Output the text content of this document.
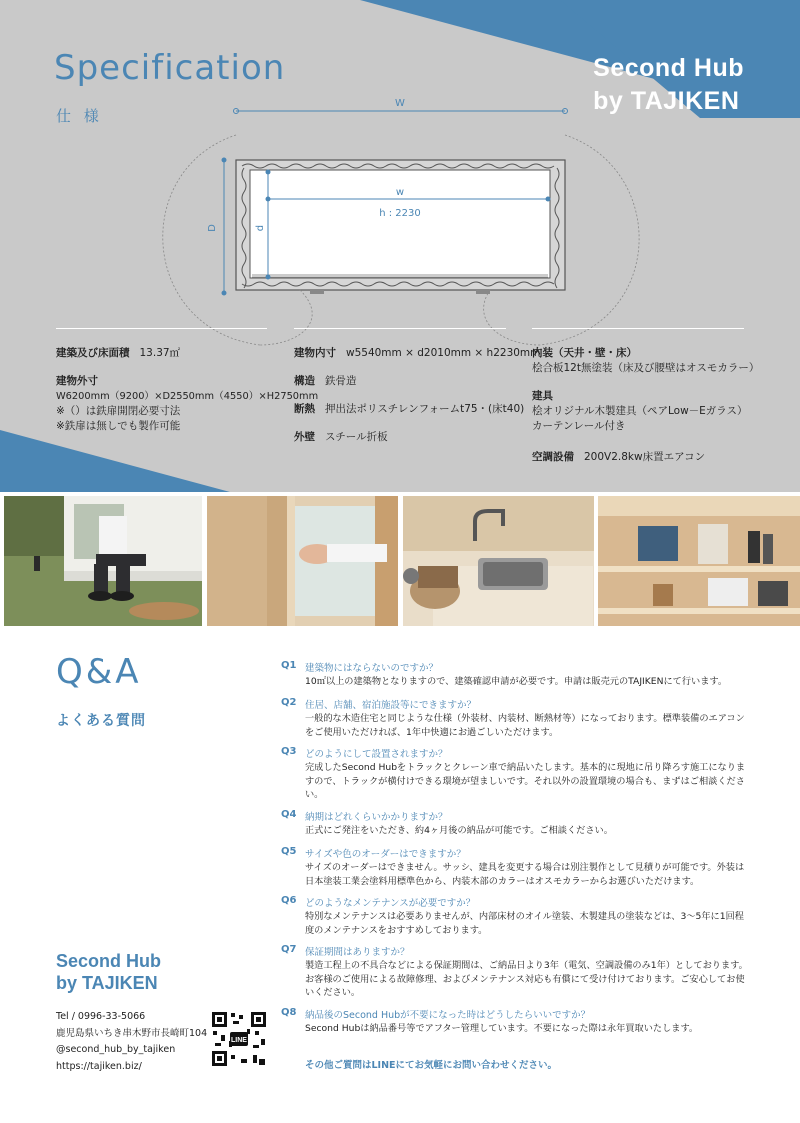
W
w
h : 2230
D	d
Specification
仕 様
Second Hub
by TAJIKEN
建築及び床面積 13.37㎡
建物外寸
W6200mm（9200）×D2550mm（4550）×H2750mm
※（）は鉄扉開閉必要寸法
※鉄扉は無しでも製作可能
建物内寸 w5540mm × d2010mm × h2230mm
構造 鉄骨造
断熱 押出法ポリスチレンフォームt75・(床t40)
外壁 スチール折板
内装（天井・壁・床）
桧合板12t無塗装（床及び腰壁はオスモカラー）
建具
桧オリジナル木製建具（ペアLow－Eガラス）
カーテンレール付き
空調設備 200V2.8kw床置エアコン
Q&A
よくある質問
Q1 建築物にはならないのですか？
10㎡以上の建築物となりますので、建築確認申請が必要です。申請は販売元のTAJIKENにて行います。
Q2 住居、店舗、宿泊施設等にできますか？
一般的な木造住宅と同じような仕様（外装材、内装材、断熱材等）になっております。標準装備のエアコンをご使用いただければ、1年中快適にお過ごしいただけます。
Q3 どのようにして設置されますか？
完成したSecond Hubをトラックとクレーン車で納品いたします。基本的に現地に吊り降ろす施工になりますので、トラックが横付けできる環境が望ましいです。それ以外の設置環境の場合も、まずはご相談ください。
Q4 納期はどれくらいかかりますか？
正式にご発注をいただき、約4ヶ月後の納品が可能です。ご相談ください。
Q5 サイズや色のオーダーはできますか？
サイズのオーダーはできません。サッシ、建具を変更する場合は別注製作として見積りが可能です。外装は日本塗装工業会塗料用標準色から、内装木部のカラーはオスモカラーからお選びいただけます。
Q6 どのようなメンテナンスが必要ですか？
特別なメンテナンスは必要ありませんが、内部床材のオイル塗装、木製建具の塗装などは、3～5年に1回程度のメンテナンスをおすすめしております。
Q7 保証期間はありますか？
製造工程上の不具合などによる保証期間は、ご納品日より3年（電気、空調設備のみ1年）としております。お客様のご使用による故障修理、およびメンテナンス対応も有償にて受け付けております。ご安心してお使いください。
Q8 納品後のSecond Hubが不要になった時はどうしたらいいですか？
Second Hubは納品番号等でアフター管理しています。不要になった際は永年買取いたします。
その他ご質問はLINEにてお気軽にお問い合わせください。
Second Hub
by TAJIKEN
Tel / 0996-33-5066
鹿児島県いちき串木野市長崎町104
@second_hub_by_tajiken
https://tajiken.biz/
LINE
